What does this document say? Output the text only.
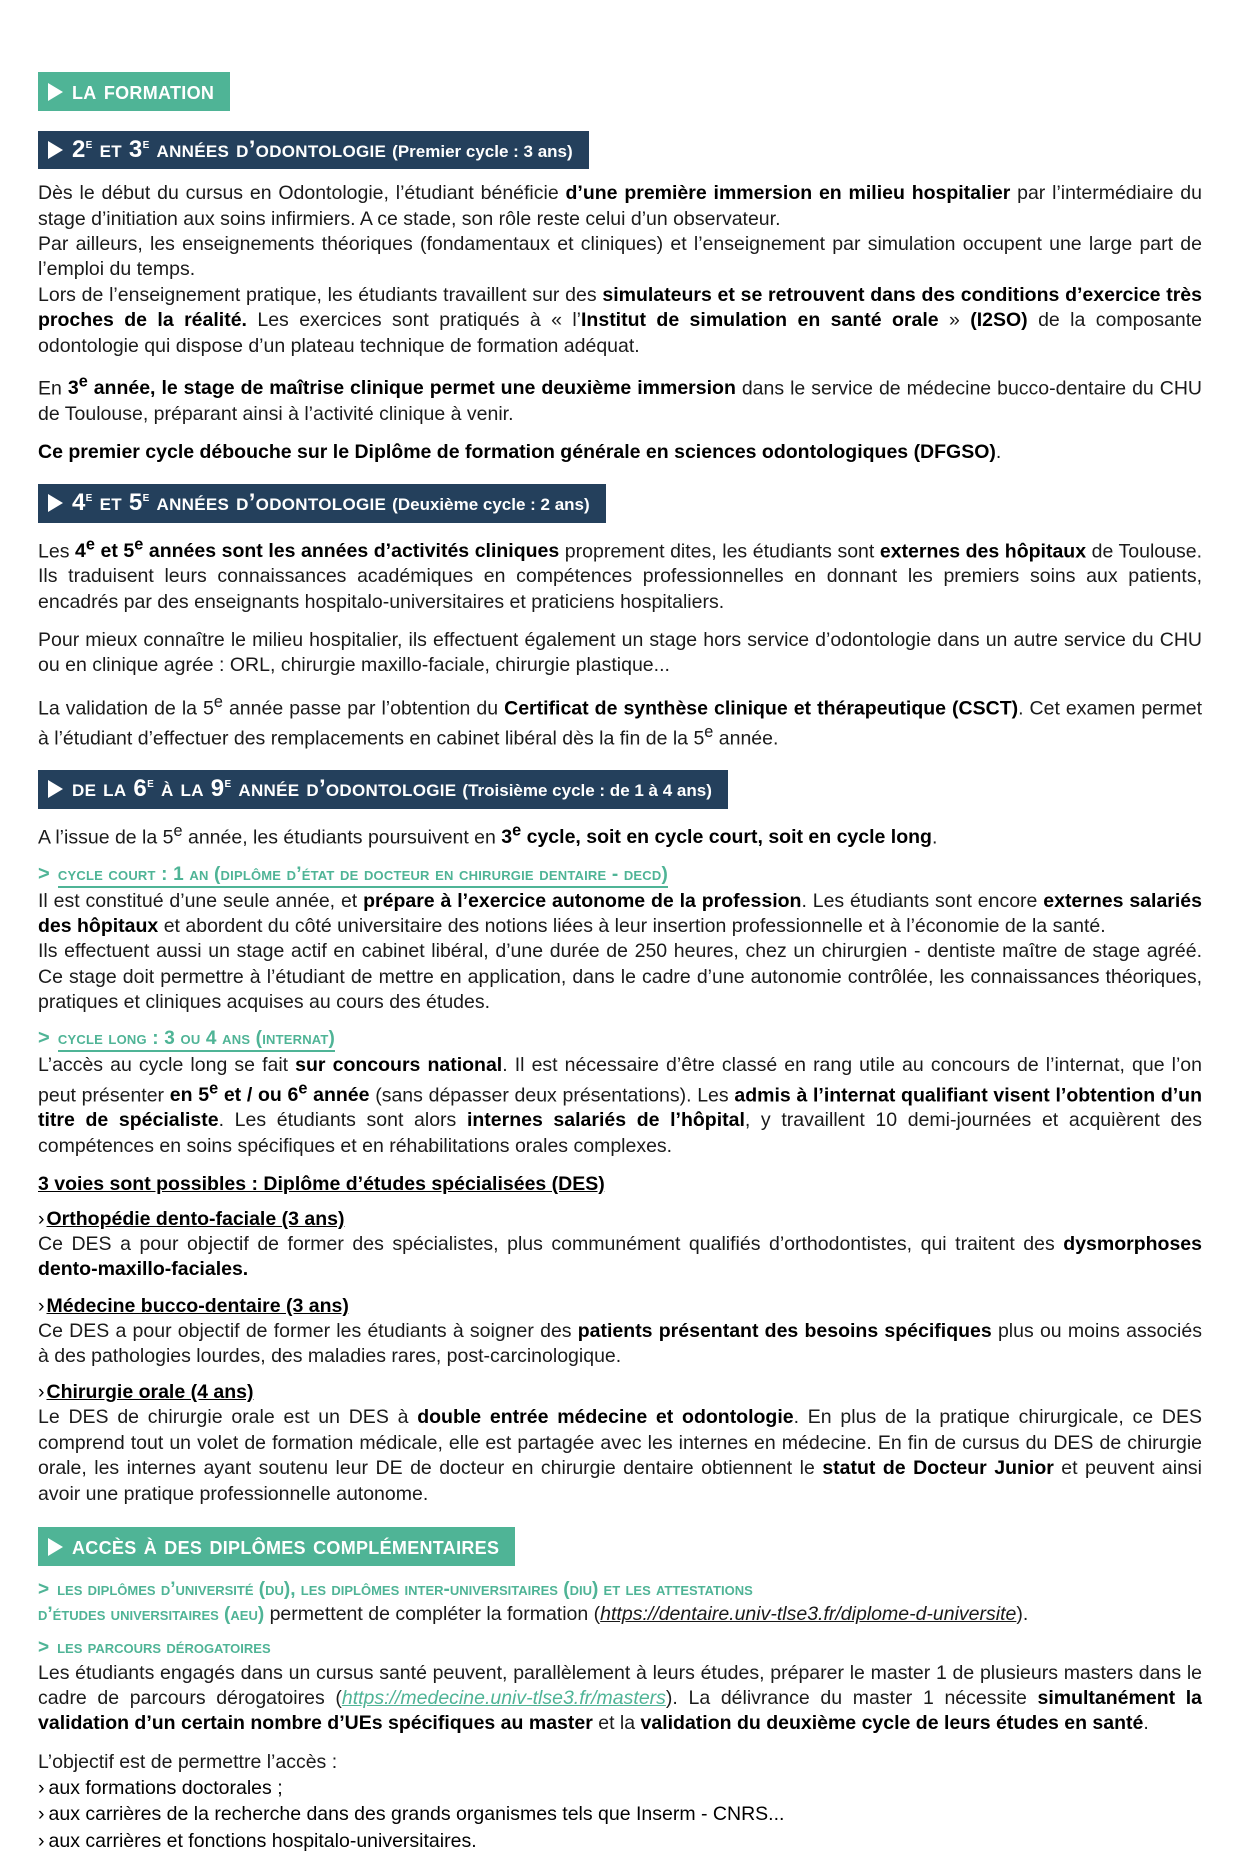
la formation
2e et 3e années d’odontologie (Premier cycle : 3 ans)

Dès le début du cursus en Odontologie, l’étudiant bénéficie d’une première immersion en milieu hospitalier par l’intermédiaire du stage d’initiation aux soins infirmiers. A ce stade, son rôle reste celui d’un observateur.

Par ailleurs, les enseignements théoriques (fondamentaux et cliniques) et l’enseignement par simulation occupent une large part de l’emploi du temps.

Lors de l’enseignement pratique, les étudiants travaillent sur des simulateurs et se retrouvent dans des conditions d’exercice très proches de la réalité. Les exercices sont pratiqués à « l’Institut de simulation en santé orale » (I2SO) de la composante odontologie qui dispose d’un plateau technique de formation adéquat.

En 3e année, le stage de maîtrise clinique permet une deuxième immersion dans le service de médecine bucco-dentaire du CHU de Toulouse, préparant ainsi à l’activité clinique à venir.

Ce premier cycle débouche sur le Diplôme de formation générale en sciences odontologiques (DFGSO).

4e et 5e années d’odontologie (Deuxième cycle : 2 ans)

Les 4e et 5e années sont les années d’activités cliniques proprement dites, les étudiants sont externes des hôpitaux de Toulouse. Ils traduisent leurs connaissances académiques en compétences professionnelles en donnant les premiers soins aux patients, encadrés par des enseignants hospitalo-universitaires et praticiens hospitaliers.

Pour mieux connaître le milieu hospitalier, ils effectuent également un stage hors service d’odontologie dans un autre service du CHU ou en clinique agrée : ORL, chirurgie maxillo-faciale, chirurgie plastique...

La validation de la 5e année passe par l’obtention du Certificat de synthèse clinique et thérapeutique (CSCT). Cet examen permet à l’étudiant d’effectuer des remplacements en cabinet libéral dès la fin de la 5e année.

de la 6e à la 9e année d’odontologie (Troisième cycle : de 1 à 4 ans)

A l’issue de la 5e année, les étudiants poursuivent en 3e cycle, soit en cycle court, soit en cycle long.

> cycle court : 1 an (diplôme d’état de docteur en chirurgie dentaire - decd)

Il est constitué d’une seule année, et prépare à l’exercice autonome de la profession. Les étudiants sont encore externes salariés des hôpitaux et abordent du côté universitaire des notions liées à leur insertion professionnelle et à l’économie de la santé.

Ils effectuent aussi un stage actif en cabinet libéral, d’une durée de 250 heures, chez un chirurgien - dentiste maître de stage agréé. Ce stage doit permettre à l’étudiant de mettre en application, dans le cadre d’une autonomie contrôlée, les connaissances théoriques, pratiques et cliniques acquises au cours des études.

> cycle long : 3 ou 4 ans (internat)

L’accès au cycle long se fait sur concours national. Il est nécessaire d’être classé en rang utile au concours de l’internat, que l’on peut présenter en 5e et / ou 6e année (sans dépasser deux présentations). Les admis à l’internat qualifiant visent l’obtention d’un titre de spécialiste. Les étudiants sont alors internes salariés de l’hôpital, y travaillent 10 demi-journées et acquièrent des compétences en soins spécifiques et en réhabilitations orales complexes.

3 voies sont possibles : Diplôme d’études spécialisées (DES)
› Orthopédie dento-faciale (3 ans)

Ce DES a pour objectif de former des spécialistes, plus communément qualifiés d’orthodontistes, qui traitent des dysmorphoses dento-maxillo-faciales.

› Médecine bucco-dentaire (3 ans)

Ce DES a pour objectif de former les étudiants à soigner des patients présentant des besoins spécifiques plus ou moins associés à des pathologies lourdes, des maladies rares, post-carcinologique.

› Chirurgie orale (4 ans)

Le DES de chirurgie orale est un DES à double entrée médecine et odontologie. En plus de la pratique chirurgicale, ce DES comprend tout un volet de formation médicale, elle est partagée avec les internes en médecine. En fin de cursus du DES de chirurgie orale, les internes ayant soutenu leur DE de docteur en chirurgie dentaire obtiennent le statut de Docteur Junior et peuvent ainsi avoir une pratique professionnelle autonome.

accès à des diplômes complémentaires
> les diplômes d’université (du), les diplômes inter-universitaires (diu) et les attestations
d’études universitaires (aeu) permettent de compléter la formation (https://dentaire.univ-tlse3.fr/diplome-d-universite).
> les parcours dérogatoires

Les étudiants engagés dans un cursus santé peuvent, parallèlement à leurs études, préparer le master 1 de plusieurs masters dans le cadre de parcours dérogatoires (https://medecine.univ-tlse3.fr/masters). La délivrance du master 1 nécessite simultanément la validation d’un certain nombre d’UEs spécifiques au master et la validation du deuxième cycle de leurs études en santé.

L’objectif est de permettre l’accès :

› aux formations doctorales ;
› aux carrières de la recherche dans des grands organismes tels que Inserm - CNRS...
› aux carrières et fonctions hospitalo-universitaires.
